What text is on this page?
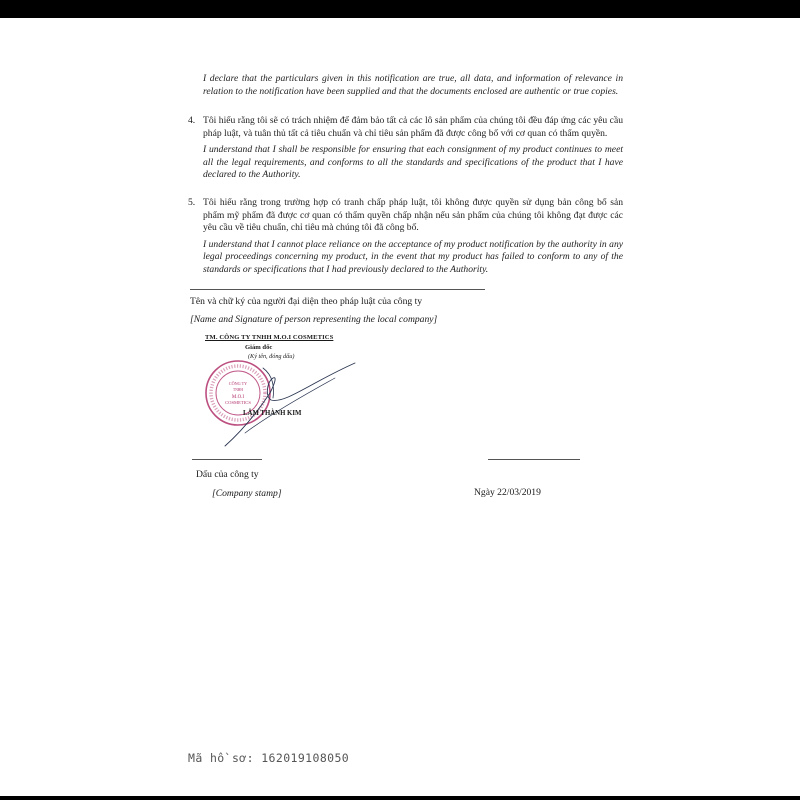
I declare that the particulars given in this notification are true, all data, and information of relevance in relation to the notification have been supplied and that the documents enclosed are authentic or true copies.
4. Tôi hiểu rằng tôi sẽ có trách nhiệm để đảm bảo tất cả các lô sản phẩm của chúng tôi đều đáp ứng các yêu cầu pháp luật, và tuân thủ tất cả tiêu chuẩn và chỉ tiêu sản phẩm đã được công bố với cơ quan có thẩm quyền.
I understand that I shall be responsible for ensuring that each consignment of my product continues to meet all the legal requirements, and conforms to all the standards and specifications of the product that I have declared to the Authority.
5. Tôi hiểu rằng trong trường hợp có tranh chấp pháp luật, tôi không được quyền sử dụng bản công bố sản phẩm mỹ phẩm đã được cơ quan có thẩm quyền chấp nhận nếu sản phẩm của chúng tôi không đạt được các yêu cầu về tiêu chuẩn, chỉ tiêu mà chúng tôi đã công bố.
I understand that I cannot place reliance on the acceptance of my product notification by the authority in any legal proceedings concerning my product, in the event that my product has failed to conform to any of the standards or specifications that I had previously declared to the Authority.
Tên và chữ ký của người đại diện theo pháp luật của công ty
[Name and Signature of person representing the local company]
TM. CÔNG TY TNHH M.O.I COSMETICS
Giám đốc
(Ký tên, đóng dấu)
CÔNG TY
TNHH
M.O.I
COSMETICS
LÂM THÀNH KIM
Dấu của công ty
[Company stamp]	Ngày 22/03/2019
Mã hồ sơ: 162019108050
